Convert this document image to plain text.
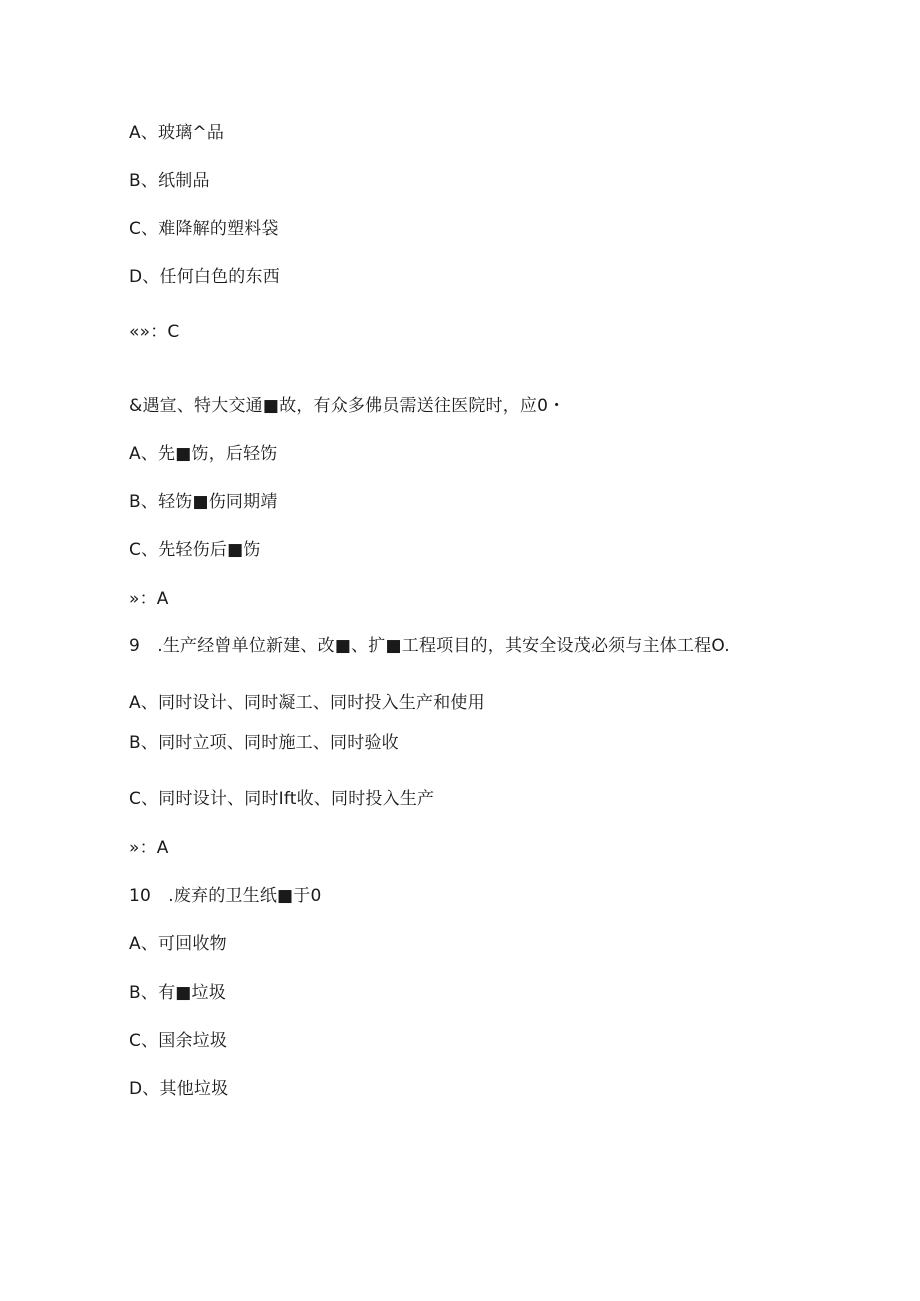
A、玻璃^品
B、纸制品
C、难降解的塑料袋
D、任何白色的东西
«»：C
&遇宣、特大交通■故，有众多佛员需送往医院时，应0・
A、先■饬，后轻饬
B、轻饬■伤同期靖
C、先轻伤后■饬
»：A
9　.生产经曾单位新建、改■、扩■工程项目的，其安全设茂必须与主体工程O.
A、同时设计、同时凝工、同时投入生产和使用
B、同时立项、同时施工、同时验收
C、同时设计、同时Ift收、同时投入生产
»：A
10　.废弃的卫生纸■于0
A、可回收物
B、有■垃圾
C、国余垃圾
D、其他垃圾
